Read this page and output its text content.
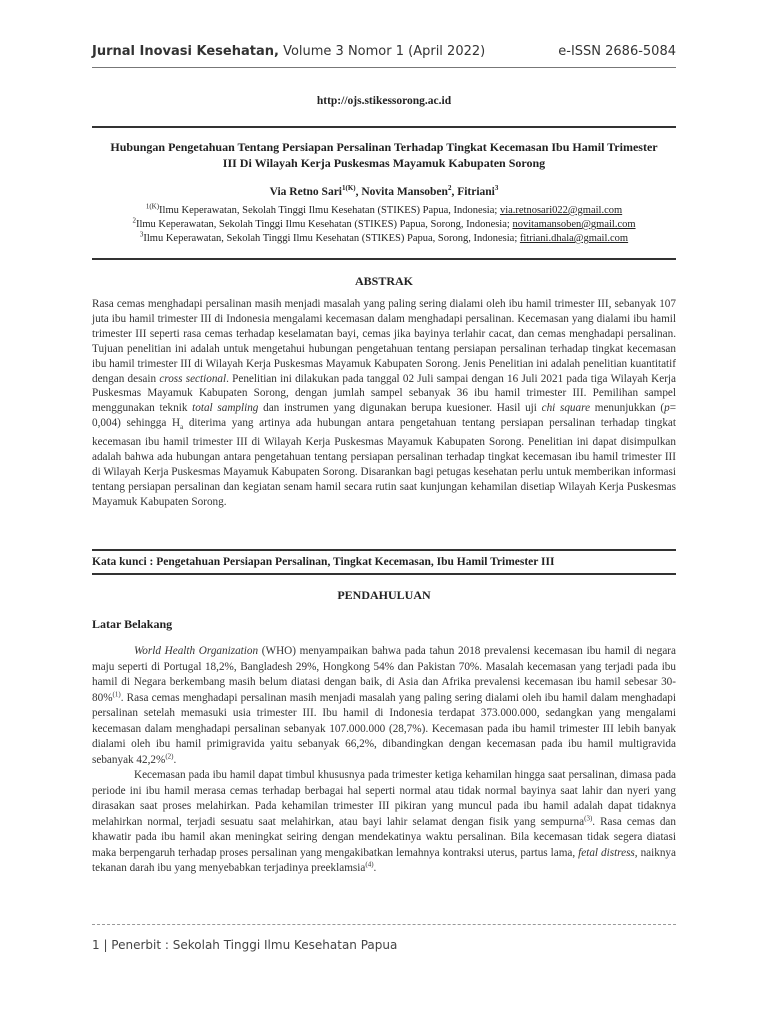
Jurnal Inovasi Kesehatan, Volume 3 Nomor 1 (April 2022)	e-ISSN 2686-5084
http://ojs.stikessorong.ac.id
Hubungan Pengetahuan Tentang Persiapan Persalinan Terhadap Tingkat Kecemasan Ibu Hamil Trimester
III Di Wilayah Kerja Puskesmas Mayamuk Kabupaten Sorong
Via Retno Sari$^{1(K)}$, Novita Mansoben$^2$, Fitriani$^3$
$^{1(K)}$Ilmu Keperawatan, Sekolah Tinggi Ilmu Kesehatan (STIKES) Papua, Indonesia; via.retnosari022@gmail.com
$^2$Ilmu Keperawatan, Sekolah Tinggi Ilmu Kesehatan (STIKES) Papua, Sorong, Indonesia; novitamansoben@gmail.com
$^3$Ilmu Keperawatan, Sekolah Tinggi Ilmu Kesehatan (STIKES) Papua, Sorong, Indonesia; fitriani.dhala@gmail.com
ABSTRAK
Rasa cemas menghadapi persalinan masih menjadi masalah yang paling sering dialami oleh ibu hamil trimester III, sebanyak 107 juta ibu hamil trimester III di Indonesia mengalami kecemasan dalam menghadapi persalinan. Kecemasan yang dialami ibu hamil trimester III seperti rasa cemas terhadap keselamatan bayi, cemas jika bayinya terlahir cacat, dan cemas menghadapi persalinan. Tujuan penelitian ini adalah untuk mengetahui hubungan pengetahuan tentang persiapan persalinan terhadap tingkat kecemasan ibu hamil trimester III di Wilayah Kerja Puskesmas Mayamuk Kabupaten Sorong. Jenis Penelitian ini adalah penelitian kuantitatif dengan desain cross sectional. Penelitian ini dilakukan pada tanggal 02 Juli sampai dengan 16 Juli 2021 pada tiga Wilayah Kerja Puskesmas Mayamuk Kabupaten Sorong, dengan jumlah sampel sebanyak 36 ibu hamil trimester III. Pemilihan sampel menggunakan teknik total sampling dan instrumen yang digunakan berupa kuesioner. Hasil uji chi square menunjukkan (p= 0,004) sehingga $H_a$ diterima yang artinya ada hubungan antara pengetahuan tentang persiapan persalinan terhadap tingkat kecemasan ibu hamil trimester III di Wilayah Kerja Puskesmas Mayamuk Kabupaten Sorong. Penelitian ini dapat disimpulkan adalah bahwa ada hubungan antara pengetahuan tentang persiapan persalinan terhadap tingkat kecemasan ibu hamil trimester III di Wilayah Kerja Puskesmas Mayamuk Kabupaten Sorong. Disarankan bagi petugas kesehatan perlu untuk memberikan informasi tentang persiapan persalinan dan kegiatan senam hamil secara rutin saat kunjungan kehamilan disetiap Wilayah Kerja Puskesmas Mayamuk Kabupaten Sorong.
Kata kunci : Pengetahuan Persiapan Persalinan, Tingkat Kecemasan, Ibu Hamil Trimester III
PENDAHULUAN
Latar Belakang

World Health Organization (WHO) menyampaikan bahwa pada tahun 2018 prevalensi kecemasan ibu hamil di negara maju seperti di Portugal 18,2%, Bangladesh 29%, Hongkong 54% dan Pakistan 70%. Masalah kecemasan yang terjadi pada ibu hamil di Negara berkembang masih belum diatasi dengan baik, di Asia dan Afrika prevalensi kecemasan ibu hamil sebesar 30-80%$^{(1)}$. Rasa cemas menghadapi persalinan masih menjadi masalah yang paling sering dialami oleh ibu hamil dalam menghadapi persalinan setelah memasuki usia trimester III. Ibu hamil di Indonesia terdapat 373.000.000, sedangkan yang mengalami kecemasan dalam menghadapi persalinan sebanyak 107.000.000 (28,7%). Kecemasan pada ibu hamil trimester III lebih banyak dialami oleh ibu hamil primigravida yaitu sebanyak 66,2%, dibandingkan dengan kecemasan pada ibu hamil multigravida sebanyak 42,2%$^{(2)}$.

Kecemasan pada ibu hamil dapat timbul khususnya pada trimester ketiga kehamilan hingga saat persalinan, dimasa pada periode ini ibu hamil merasa cemas terhadap berbagai hal seperti normal atau tidak normal bayinya saat lahir dan nyeri yang dirasakan saat proses melahirkan. Pada kehamilan trimester III pikiran yang muncul pada ibu hamil adalah dapat tidaknya melahirkan normal, terjadi sesuatu saat melahirkan, atau bayi lahir selamat dengan fisik yang sempurna$^{(3)}$. Rasa cemas dan khawatir pada ibu hamil akan meningkat seiring dengan mendekatinya waktu persalinan. Bila kecemasan tidak segera diatasi maka berpengaruh terhadap proses persalinan yang mengakibatkan lemahnya kontraksi uterus, partus lama, fetal distress, naiknya tekanan darah ibu yang menyebabkan terjadinya preeklamsia$^{(4)}$.

1 | Penerbit : Sekolah Tinggi Ilmu Kesehatan Papua
